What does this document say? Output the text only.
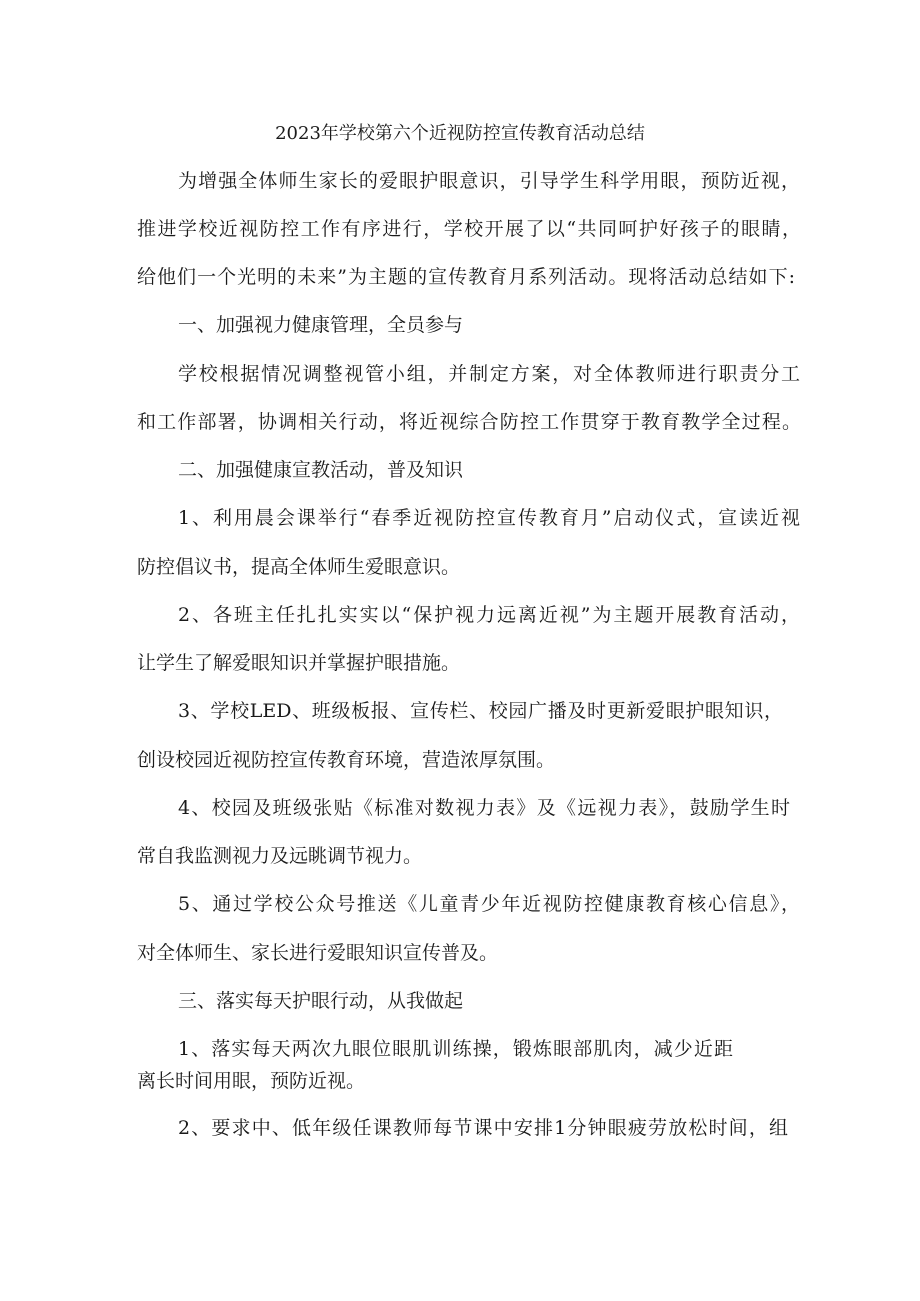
2023年学校第六个近视防控宣传教育活动总结
为增强全体师生家长的爱眼护眼意识，引导学生科学用眼，预防近视，
推进学校近视防控工作有序进行，学校开展了以“共同呵护好孩子的眼睛，
给他们一个光明的未来”为主题的宣传教育月系列活动。现将活动总结如下:
一、加强视力健康管理，全员参与
学校根据情况调整视管小组，并制定方案，对全体教师进行职责分工
和工作部署，协调相关行动，将近视综合防控工作贯穿于教育教学全过程。
二、加强健康宣教活动，普及知识
1、利用晨会课举行“春季近视防控宣传教育月”启动仪式，宣读近视
防控倡议书，提高全体师生爱眼意识。
2、各班主任扎扎实实以“保护视力远离近视”为主题开展教育活动，
让学生了解爱眼知识并掌握护眼措施。
3、学校LED、班级板报、宣传栏、校园广播及时更新爱眼护眼知识，
创设校园近视防控宣传教育环境，营造浓厚氛围。
4、校园及班级张贴《标准对数视力表》及《远视力表》，鼓励学生时
常自我监测视力及远眺调节视力。
5、通过学校公众号推送《儿童青少年近视防控健康教育核心信息》，
对全体师生、家长进行爱眼知识宣传普及。
三、落实每天护眼行动，从我做起
1、落实每天两次九眼位眼肌训练操，锻炼眼部肌肉，减少近距
离长时间用眼，预防近视。
2、要求中、低年级任课教师每节课中安排1分钟眼疲劳放松时间，组
